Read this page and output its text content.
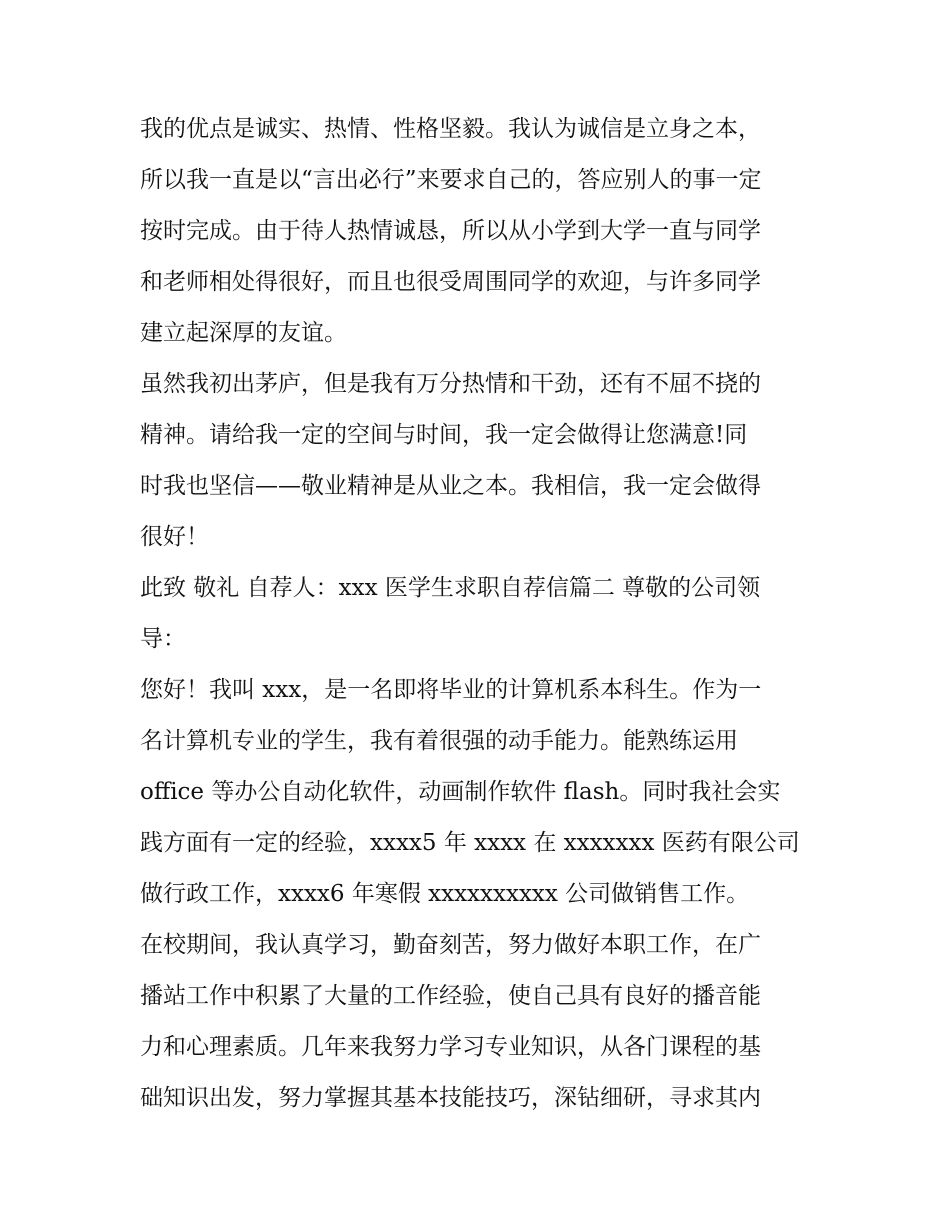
我的优点是诚实、热情、性格坚毅。我认为诚信是立身之本，
所以我一直是以“言出必行”来要求自己的，答应别人的事一定
按时完成。由于待人热情诚恳，所以从小学到大学一直与同学
和老师相处得很好，而且也很受周围同学的欢迎，与许多同学
建立起深厚的友谊。
虽然我初出茅庐，但是我有万分热情和干劲，还有不屈不挠的
精神。请给我一定的空间与时间，我一定会做得让您满意!同
时我也坚信——敬业精神是从业之本。我相信，我一定会做得
很好！
此致 敬礼 自荐人：xxx 医学生求职自荐信篇二 尊敬的公司领
导：
您好！我叫 xxx，是一名即将毕业的计算机系本科生。作为一
名计算机专业的学生，我有着很强的动手能力。能熟练运用
office 等办公自动化软件，动画制作软件 flash。同时我社会实
践方面有一定的经验，xxxx5 年 xxxx 在 xxxxxxx 医药有限公司
做行政工作，xxxx6 年寒假 xxxxxxxxxx 公司做销售工作。
在校期间，我认真学习，勤奋刻苦，努力做好本职工作，在广
播站工作中积累了大量的工作经验，使自己具有良好的播音能
力和心理素质。几年来我努力学习专业知识，从各门课程的基
础知识出发，努力掌握其基本技能技巧，深钻细研，寻求其内
